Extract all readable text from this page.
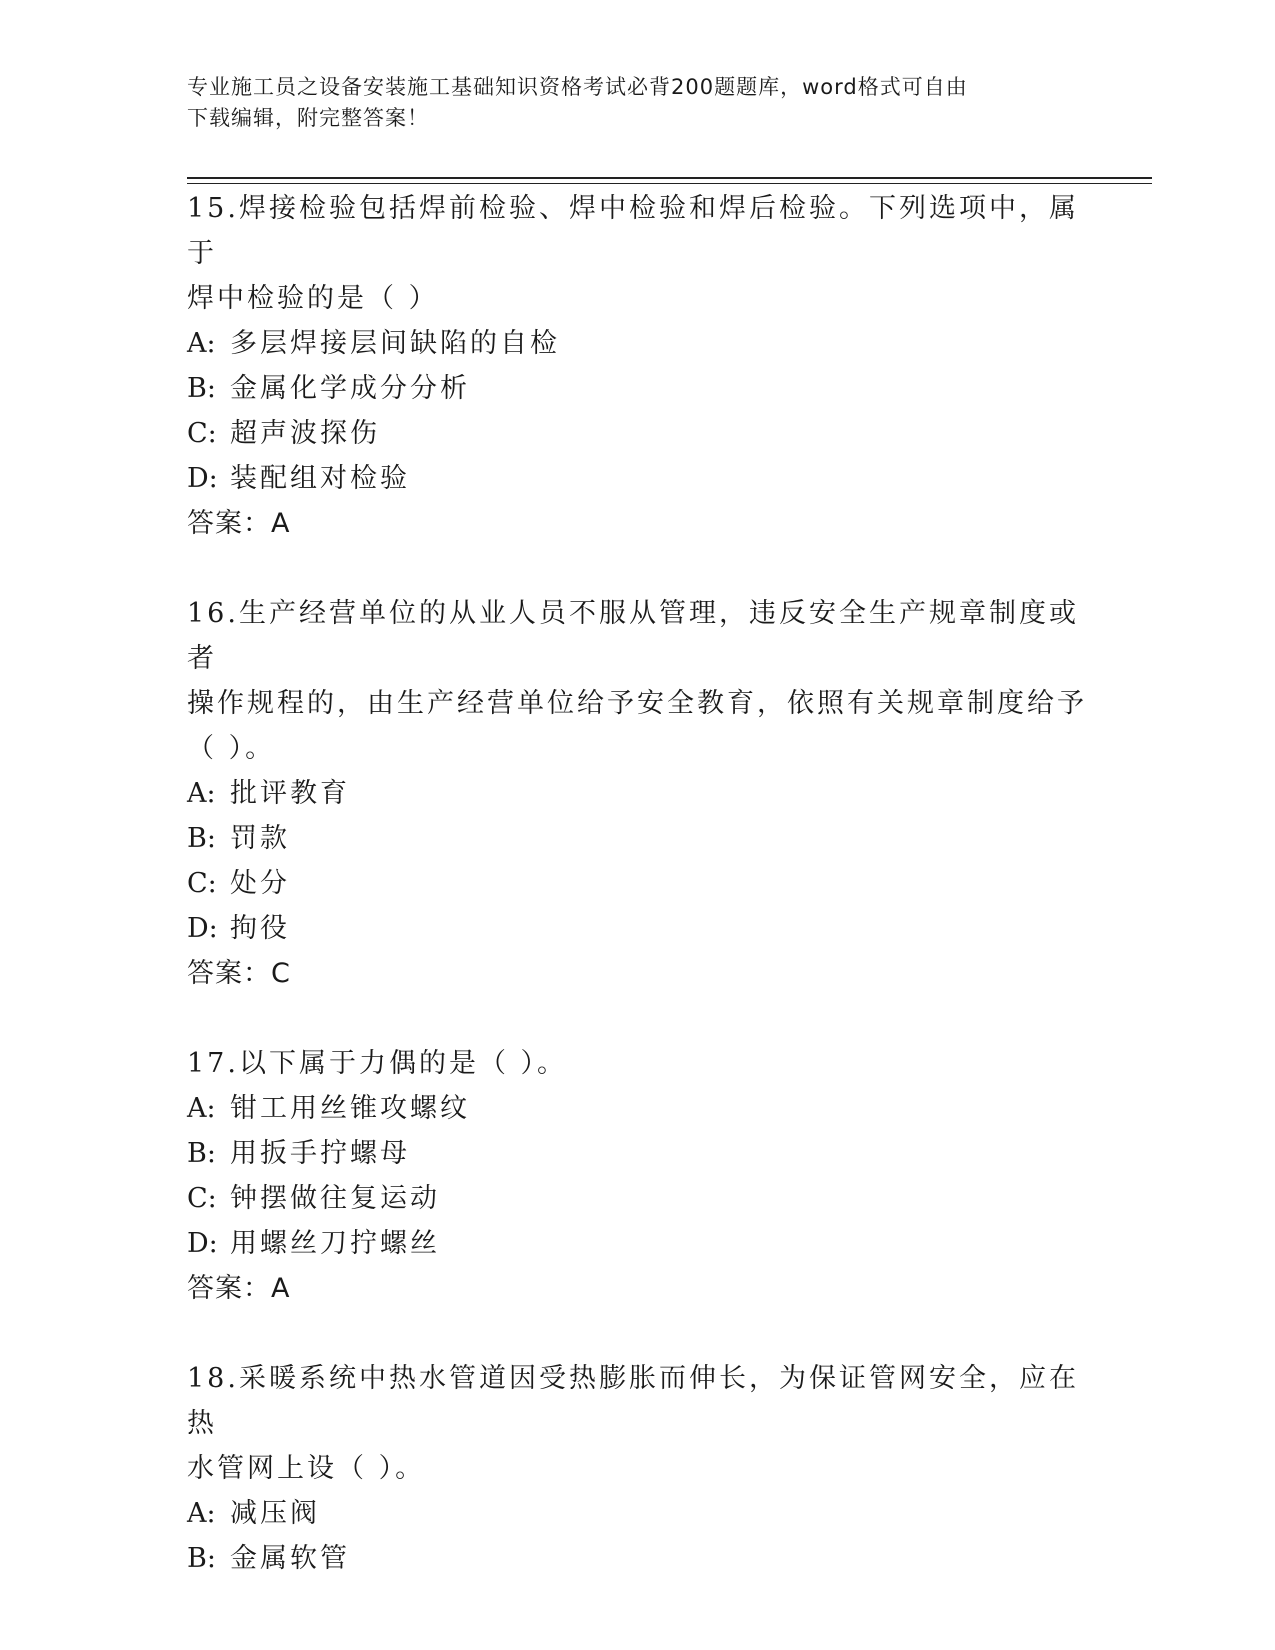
专业施工员之设备安装施工基础知识资格考试必背200题题库，word格式可自由
下载编辑，附完整答案！
15.焊接检验包括焊前检验、焊中检验和焊后检验。下列选项中，属于
焊中检验的是（ ）
A: 多层焊接层间缺陷的自检
B: 金属化学成分分析
C: 超声波探伤
D: 装配组对检验
答案：A
16.生产经营单位的从业人员不服从管理，违反安全生产规章制度或者
操作规程的，由生产经营单位给予安全教育，依照有关规章制度给予
（ ）。
A: 批评教育
B: 罚款
C: 处分
D: 拘役
答案：C
17.以下属于力偶的是（ ）。
A: 钳工用丝锥攻螺纹
B: 用扳手拧螺母
C: 钟摆做往复运动
D: 用螺丝刀拧螺丝
答案：A
18.采暖系统中热水管道因受热膨胀而伸长，为保证管网安全，应在热
水管网上设（ ）。
A: 减压阀
B: 金属软管
